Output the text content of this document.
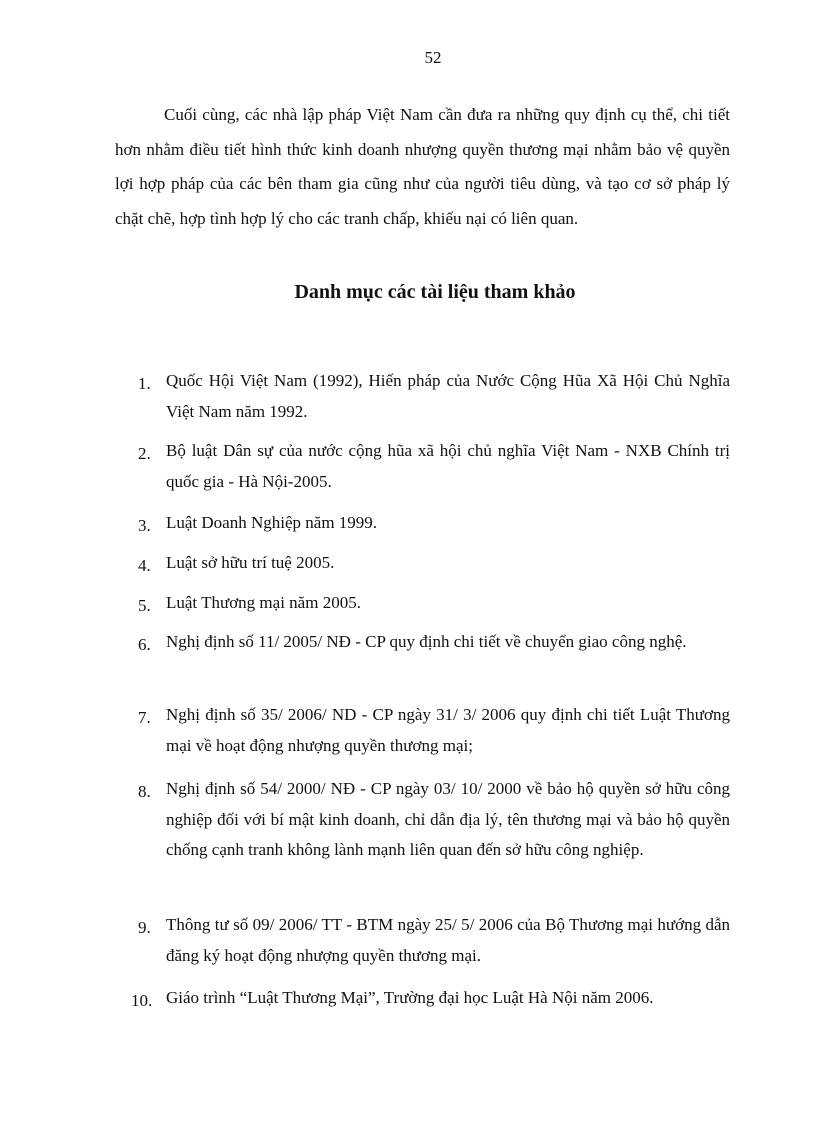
52

Cuối cùng, các nhà lập pháp Việt Nam cần đưa ra những quy định cụ thể, chi tiết hơn nhằm điều tiết hình thức kinh doanh nhượng quyền thương mại nhằm bảo vệ quyền lợi hợp pháp của các bên tham gia cũng như của người tiêu dùng, và tạo cơ sở pháp lý chặt chẽ, hợp tình hợp lý cho các tranh chấp, khiếu nại có liên quan.

Danh mục các tài liệu tham khảo
1. Quốc Hội Việt Nam (1992), Hiến pháp của Nước Cộng Hũa Xã Hội Chủ Nghĩa Việt Nam năm 1992.
2. Bộ luật Dân sự của nước cộng hũa xã hội chủ nghĩa Việt Nam - NXB Chính trị quốc gia - Hà Nội-2005.
3. Luật Doanh Nghiệp năm 1999.
4. Luật sở hữu trí tuệ 2005.
5. Luật Thương mại năm 2005.
6. Nghị định số 11/ 2005/ NĐ - CP quy định chi tiết về chuyển giao công nghệ.
7. Nghị định số 35/ 2006/ ND - CP ngày 31/ 3/ 2006 quy định chi tiết Luật Thương mại về hoạt động nhượng quyền thương mại;
8. Nghị định số 54/ 2000/ NĐ - CP ngày 03/ 10/ 2000 về bảo hộ quyền sở hữu công nghiệp đối với bí mật kinh doanh, chỉ dẫn địa lý, tên thương mại và bảo hộ quyền chống cạnh tranh không lành mạnh liên quan đến sở hữu công nghiệp.
9. Thông tư số 09/ 2006/ TT - BTM ngày 25/ 5/ 2006 của Bộ Thương mại hướng dẫn đăng ký hoạt động nhượng quyền thương mại.
10. Giáo trình “Luật Thương Mại”, Trường đại học Luật Hà Nội năm 2006.
